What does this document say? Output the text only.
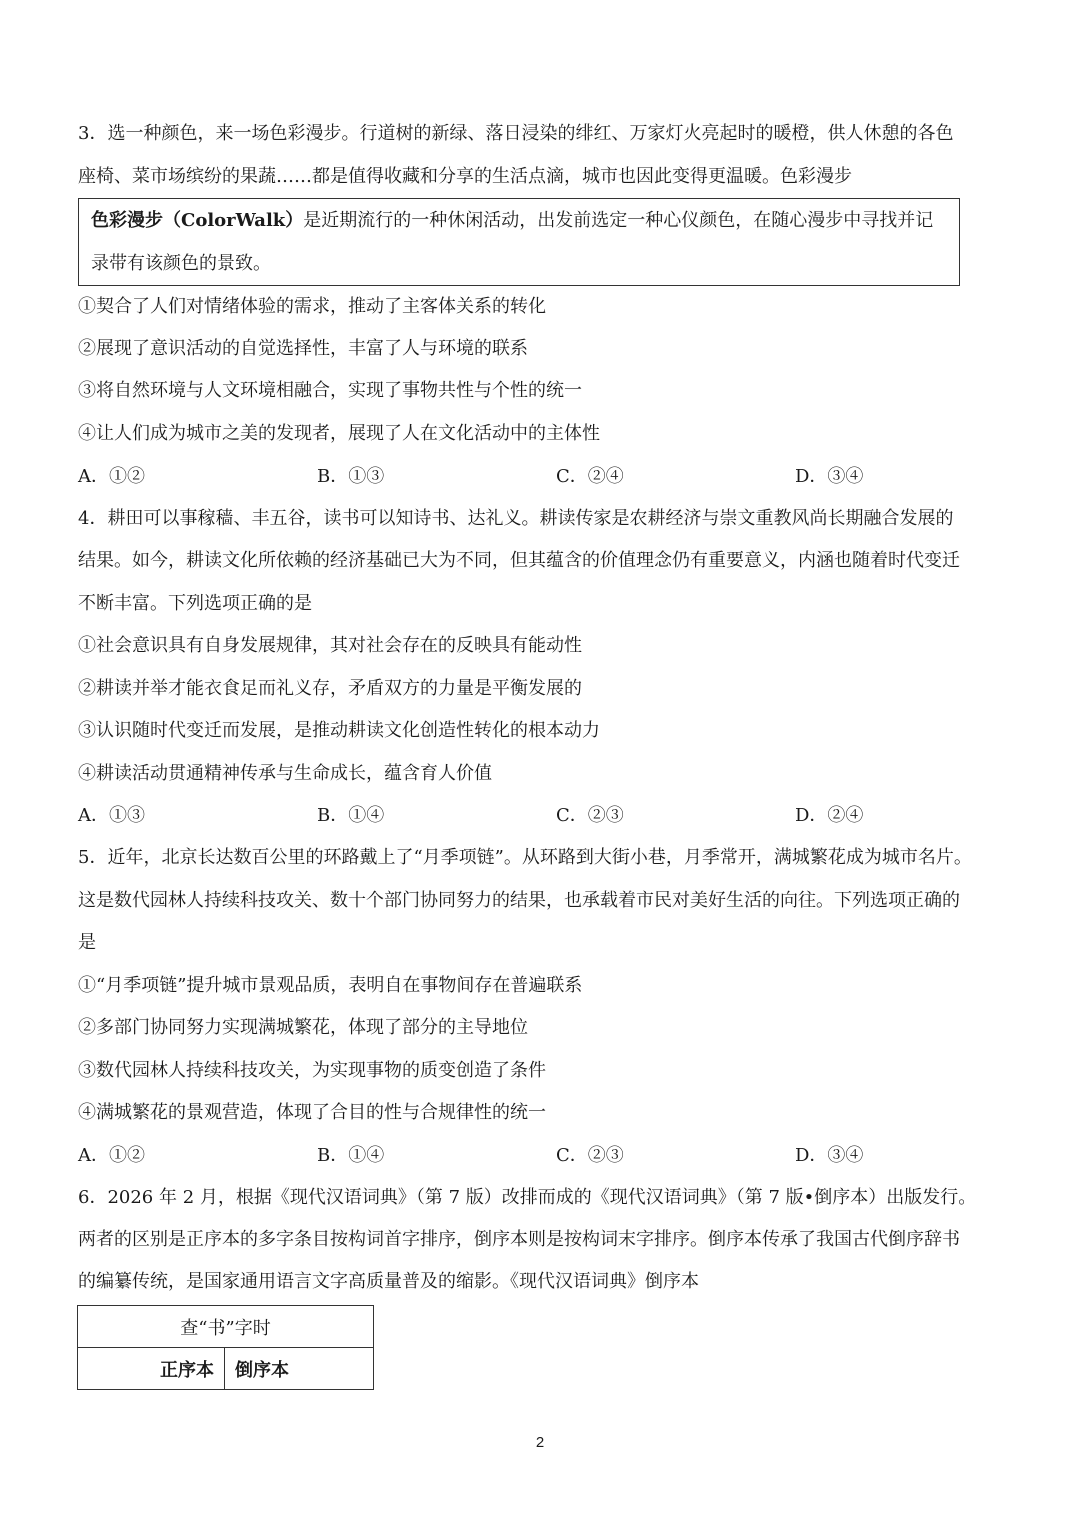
3．选一种颜色，来一场色彩漫步。行道树的新绿、落日浸染的绯红、万家灯火亮起时的暖橙，供人休憩的各色
座椅、菜市场缤纷的果蔬……都是值得收藏和分享的生活点滴，城市也因此变得更温暖。色彩漫步
色彩漫步（ColorWalk）是近期流行的一种休闲活动，出发前选定一种心仪颜色，在随心漫步中寻找并记
录带有该颜色的景致。
①契合了人们对情绪体验的需求，推动了主客体关系的转化
②展现了意识活动的自觉选择性，丰富了人与环境的联系
③将自然环境与人文环境相融合，实现了事物共性与个性的统一
④让人们成为城市之美的发现者，展现了人在文化活动中的主体性
A．①②	B．①③	C．②④	D．③④
4．耕田可以事稼穑、丰五谷，读书可以知诗书、达礼义。耕读传家是农耕经济与崇文重教风尚长期融合发展的
结果。如今，耕读文化所依赖的经济基础已大为不同，但其蕴含的价值理念仍有重要意义，内涵也随着时代变迁
不断丰富。下列选项正确的是
①社会意识具有自身发展规律，其对社会存在的反映具有能动性
②耕读并举才能衣食足而礼义存，矛盾双方的力量是平衡发展的
③认识随时代变迁而发展，是推动耕读文化创造性转化的根本动力
④耕读活动贯通精神传承与生命成长，蕴含育人价值
A．①③	B．①④	C．②③	D．②④
5．近年，北京长达数百公里的环路戴上了“月季项链”。从环路到大街小巷，月季常开，满城繁花成为城市名片。
这是数代园林人持续科技攻关、数十个部门协同努力的结果，也承载着市民对美好生活的向往。下列选项正确的
是
①“月季项链”提升城市景观品质，表明自在事物间存在普遍联系
②多部门协同努力实现满城繁花，体现了部分的主导地位
③数代园林人持续科技攻关，为实现事物的质变创造了条件
④满城繁花的景观营造，体现了合目的性与合规律性的统一
A．①②	B．①④	C．②③	D．③④
6．2026 年 2 月，根据《现代汉语词典》（第 7 版）改排而成的《现代汉语词典》（第 7 版•倒序本）出版发行。
两者的区别是正序本的多字条目按构词首字排序，倒序本则是按构词末字排序。倒序本传承了我国古代倒序辞书
的编纂传统，是国家通用语言文字高质量普及的缩影。《现代汉语词典》倒序本
查“书”字时
正序本	倒序本
2
